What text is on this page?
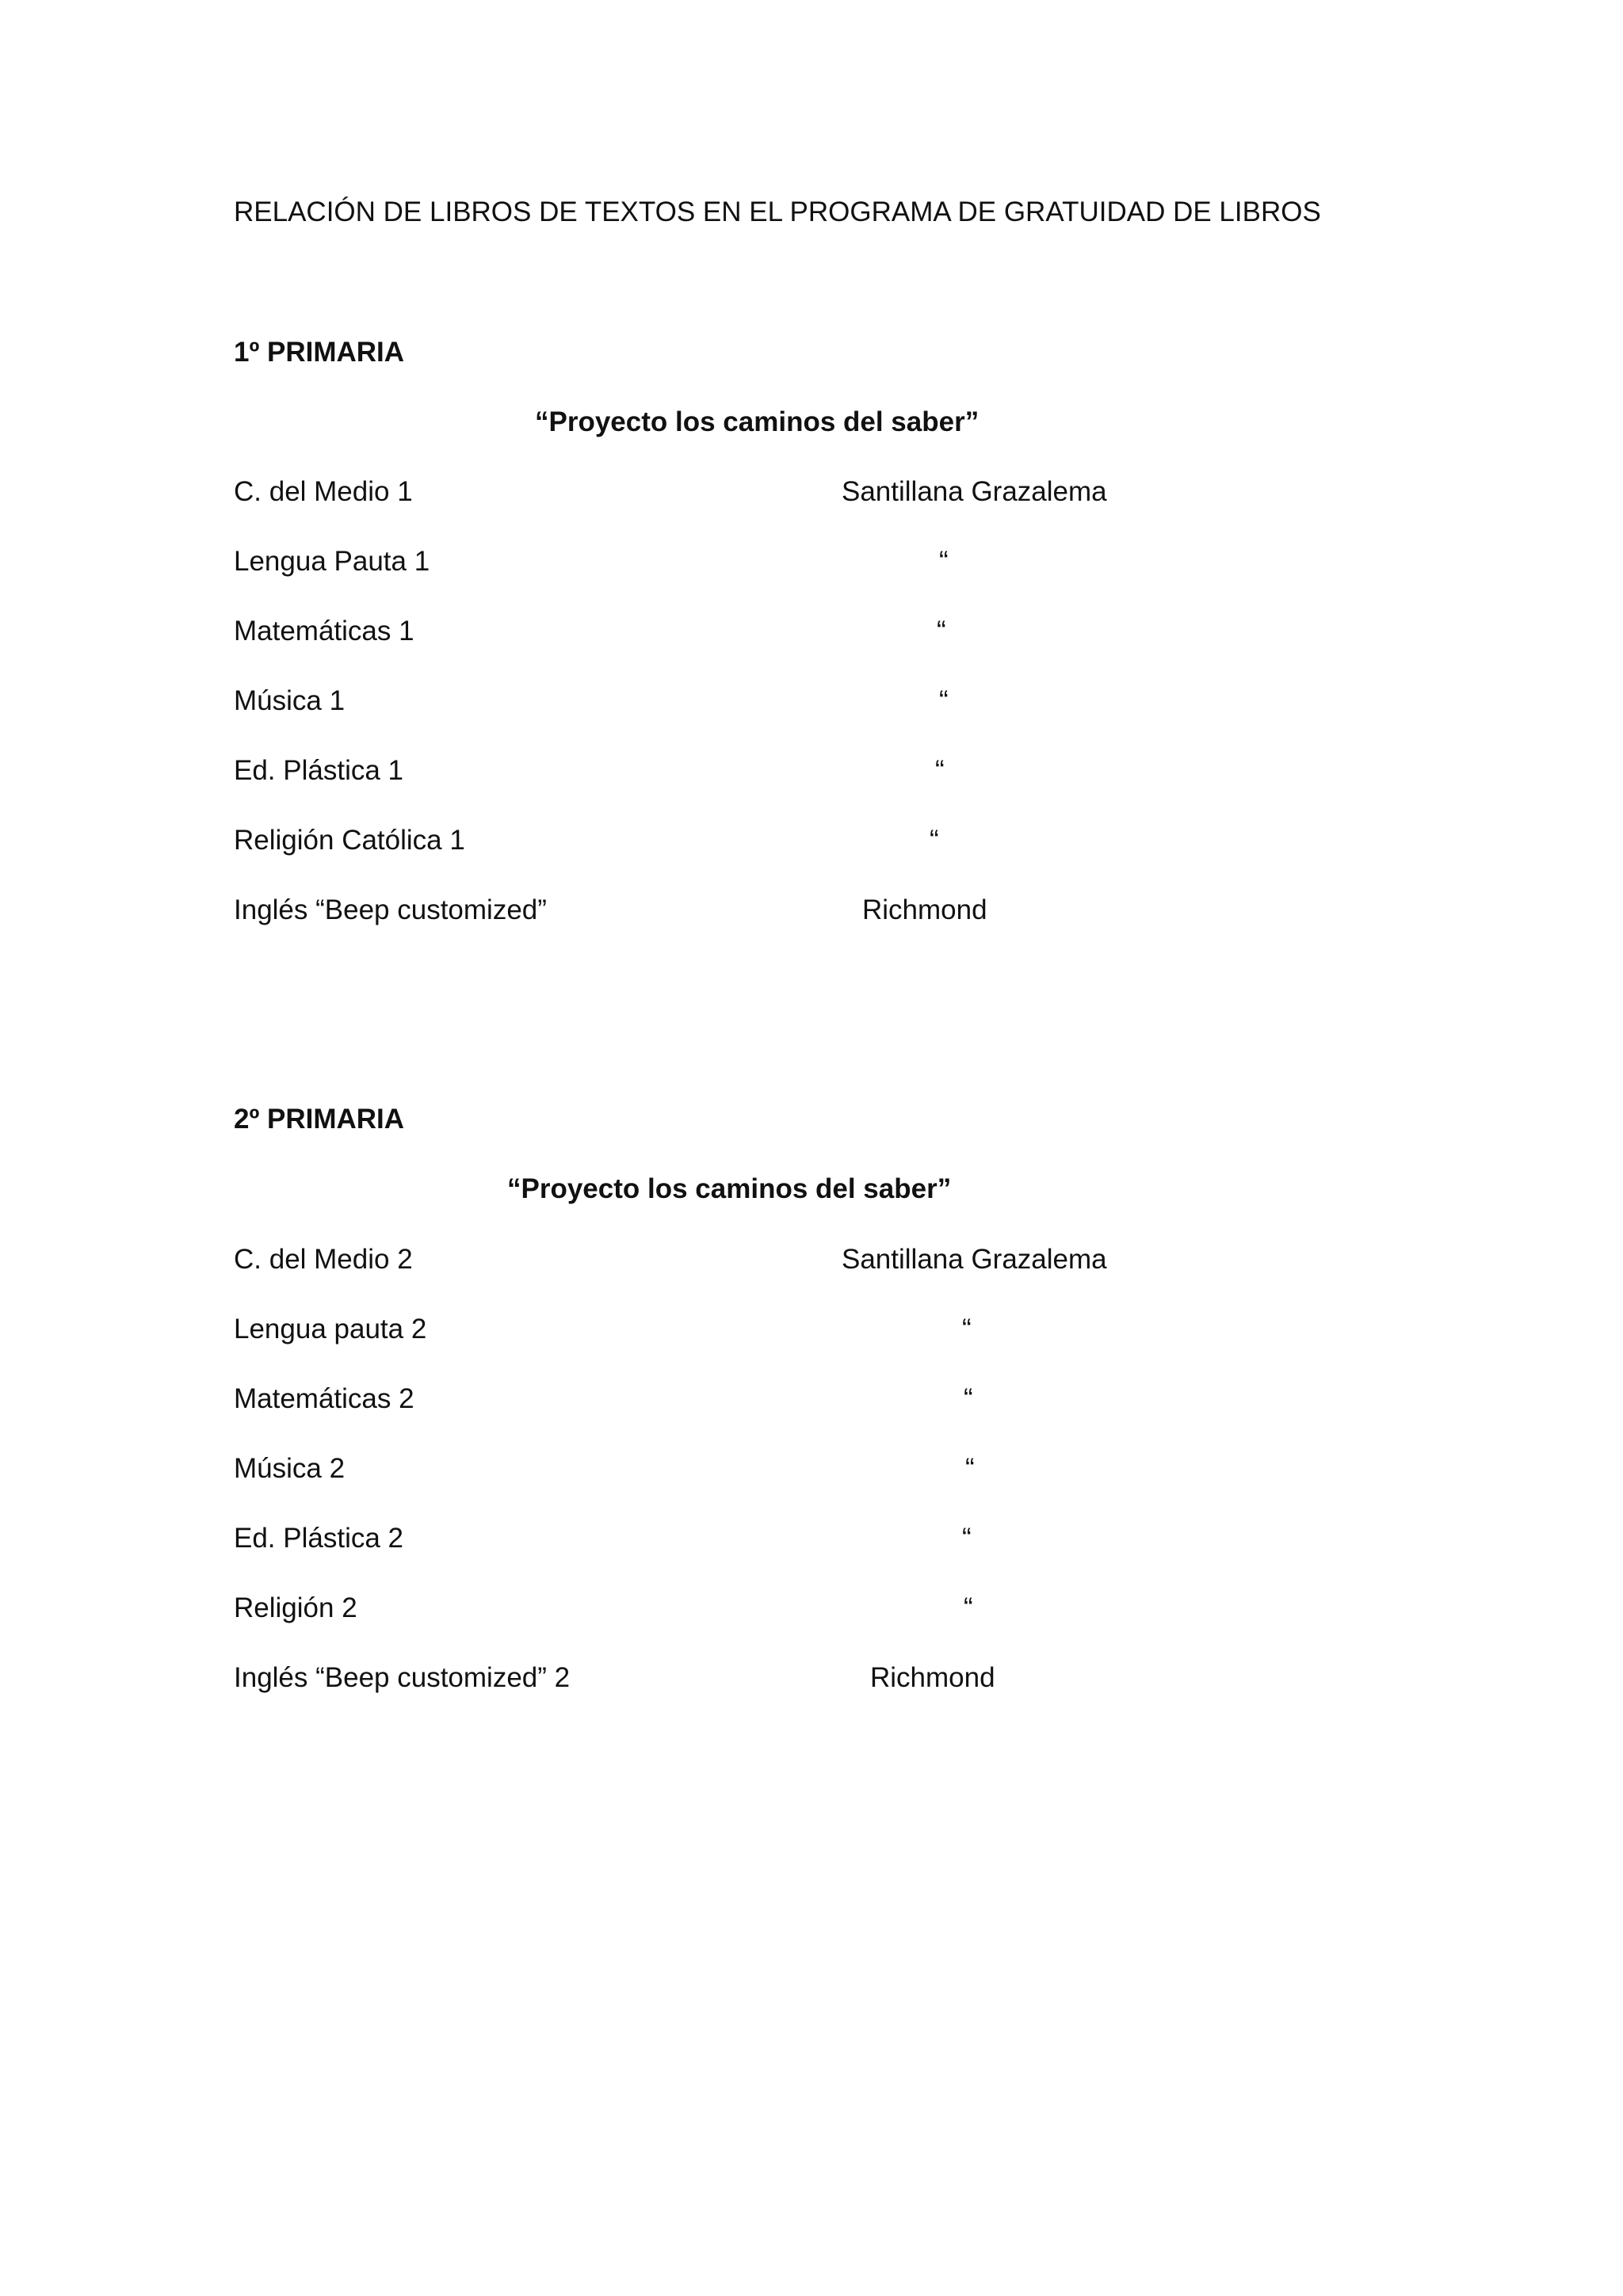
RELACIÓN DE LIBROS DE TEXTOS EN EL PROGRAMA DE GRATUIDAD DE LIBROS
1º PRIMARIA
“Proyecto los caminos del saber”
C. del Medio 1	Santillana Grazalema
Lengua Pauta 1	“
Matemáticas 1	“
Música 1	“
Ed. Plástica 1	“
Religión Católica 1	“
Inglés “Beep customized”	Richmond
2º PRIMARIA
“Proyecto los caminos del saber”
C. del Medio 2	Santillana Grazalema
Lengua pauta 2	“
Matemáticas 2	“
Música 2	“
Ed. Plástica 2	“
Religión 2	“
Inglés “Beep customized” 2	Richmond
